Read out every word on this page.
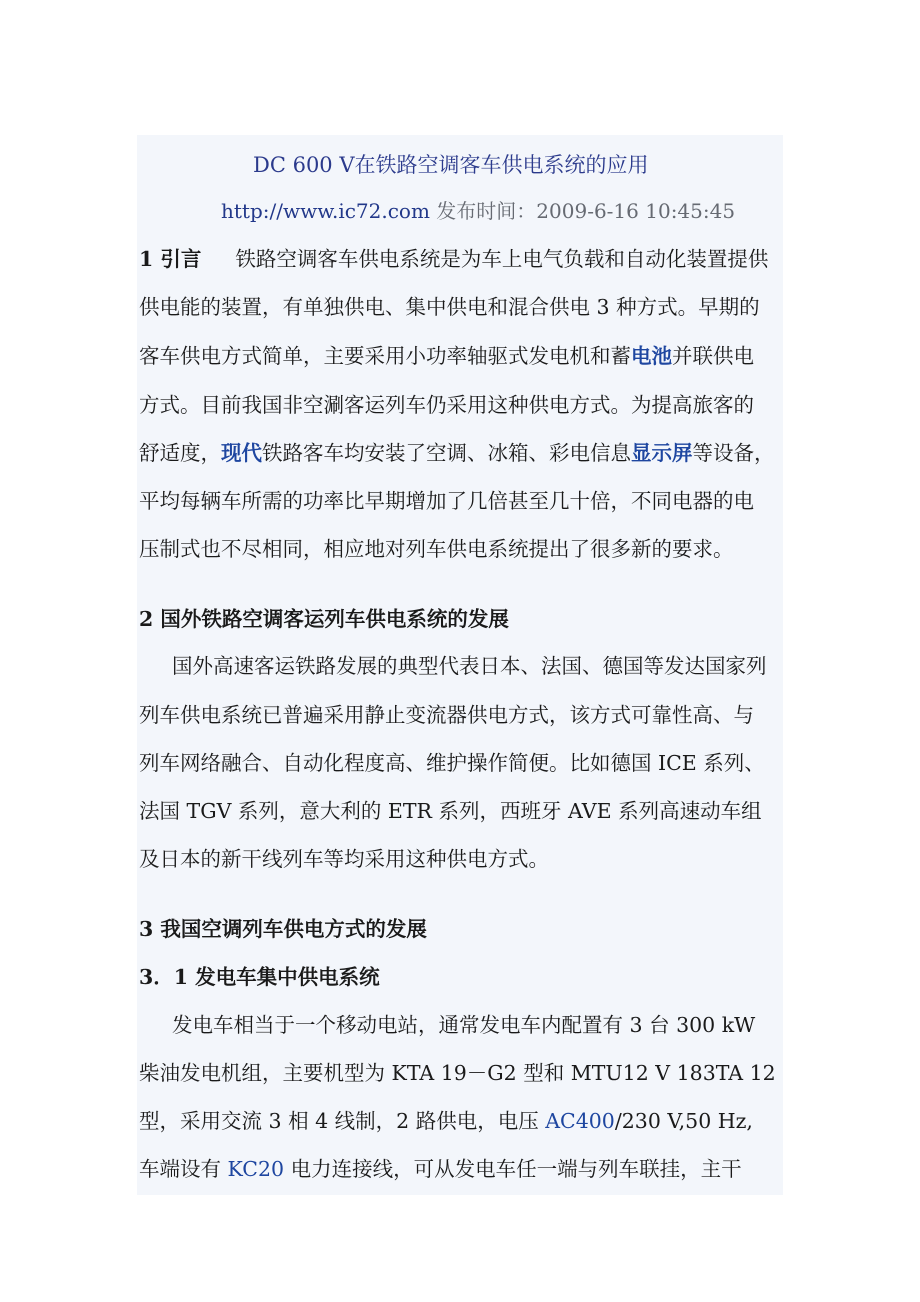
DC 600 V在铁路空调客车供电系统的应用
http://www.ic72.com 发布时间：2009-6-16 10:45:45
1 引言 铁路空调客车供电系统是为车上电气负载和自动化装置提供
供电能的装置，有单独供电、集中供电和混合供电 3 种方式。早期的
客车供电方式简单，主要采用小功率轴驱式发电机和蓄电池并联供电
方式。目前我国非空涮客运列车仍采用这种供电方式。为提高旅客的
舒适度，现代铁路客车均安装了空调、冰箱、彩电信息显示屏等设备，
平均每辆车所需的功率比早期增加了几倍甚至几十倍，不同电器的电
压制式也不尽相同，相应地对列车供电系统提出了很多新的要求。
2 国外铁路空调客运列车供电系统的发展
国外高速客运铁路发展的典型代表日本、法国、德国等发达国家列
列车供电系统已普遍采用静止变流器供电方式，该方式可靠性高、与
列车网络融合、自动化程度高、维护操作简便。比如德国 ICE 系列、
法国 TGV 系列，意大利的 ETR 系列，西班牙 AVE 系列高速动车组
及日本的新干线列车等均采用这种供电方式。
3 我国空调列车供电方式的发展
3．1 发电车集中供电系统
发电车相当于一个移动电站，通常发电车内配置有 3 台 300 kW
柴油发电机组，主要机型为 KTA 19－G2 型和 MTU12 V 183TA 12
型，采用交流 3 相 4 线制，2 路供电，电压 AC400/230 V,50 Hz,
车端设有 KC20 电力连接线，可从发电车任一端与列车联挂，主干
